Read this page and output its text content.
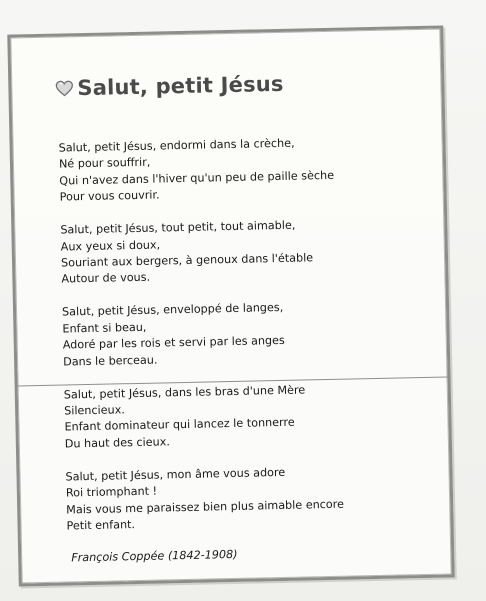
Salut, petit Jésus
Salut, petit Jésus, endormi dans la crèche,
Né pour souffrir,
Qui n'avez dans l'hiver qu'un peu de paille sèche
Pour vous couvrir.
Salut, petit Jésus, tout petit, tout aimable,
Aux yeux si doux,
Souriant aux bergers, à genoux dans l'étable
Autour de vous.
Salut, petit Jésus, enveloppé de langes,
Enfant si beau,
Adoré par les rois et servi par les anges
Dans le berceau.
Salut, petit Jésus, dans les bras d'une Mère
Silencieux.
Enfant dominateur qui lancez le tonnerre
Du haut des cieux.
Salut, petit Jésus, mon âme vous adore
Roi triomphant !
Mais vous me paraissez bien plus aimable encore
Petit enfant.
François Coppée (1842-1908)
